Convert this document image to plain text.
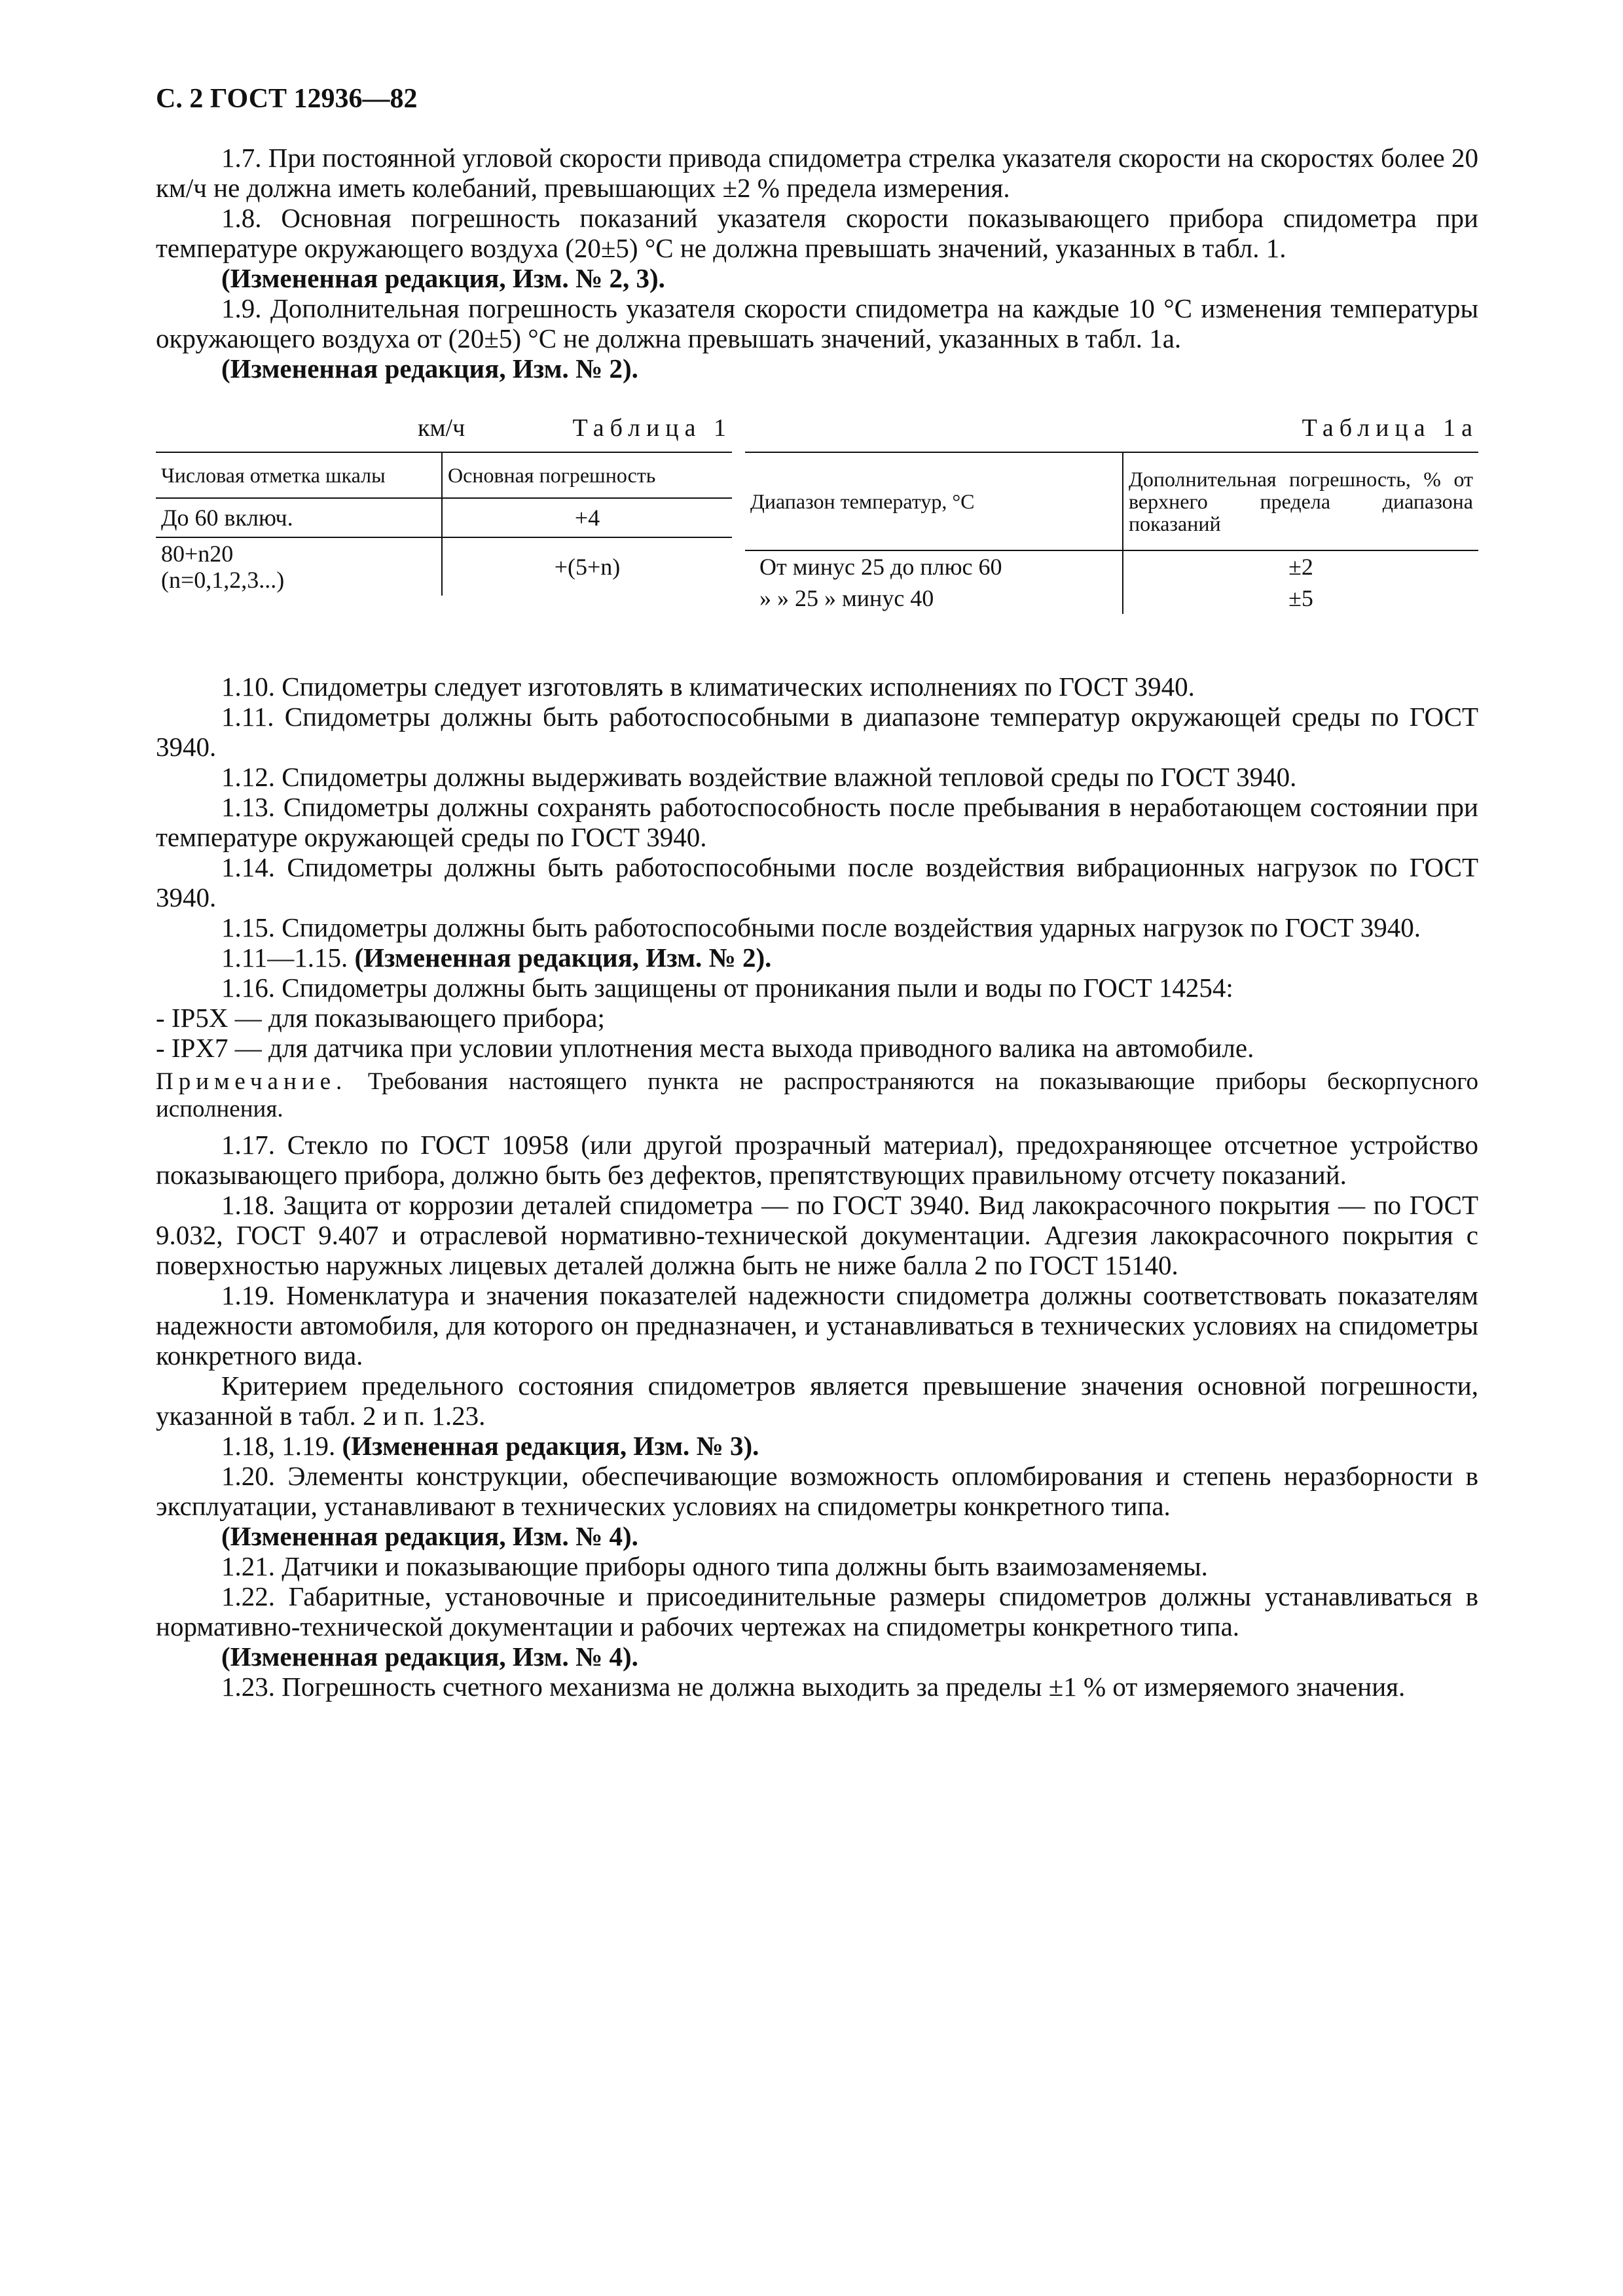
С. 2 ГОСТ 12936—82

1.7. При постоянной угловой скорости привода спидометра стрелка указателя скорости на скоростях более 20 км/ч не должна иметь колебаний, превышающих ±2 % предела измерения.

1.8. Основная погрешность показаний указателя скорости показывающего прибора спидометра при температуре окружающего воздуха (20±5) °С не должна превышать значений, указанных в табл. 1.

(Измененная редакция, Изм. № 2, 3).

1.9. Дополнительная погрешность указателя скорости спидометра на каждые 10 °С изменения температуры окружающего воздуха от (20±5) °С не должна превышать значений, указанных в табл. 1а.

(Измененная редакция, Изм. № 2).

км/ч	Таблица 1
Числовая отметка шкалы	Основная погрешность
До 60 включ.	+4

80+n20
(n=0,1,2,3...)	+(5+n)
Таблица 1а
Диапазон температур, °С	Дополнительная погрешность, % от верхнего предела диапазона показаний
От минус 25 до плюс 60	±2
» » 25 » минус 40	±5

1.10. Спидометры следует изготовлять в климатических исполнениях по ГОСТ 3940.

1.11. Спидометры должны быть работоспособными в диапазоне температур окружающей среды по ГОСТ 3940.

1.12. Спидометры должны выдерживать воздействие влажной тепловой среды по ГОСТ 3940.

1.13. Спидометры должны сохранять работоспособность после пребывания в неработающем состоянии при температуре окружающей среды по ГОСТ 3940.

1.14. Спидометры должны быть работоспособными после воздействия вибрационных нагрузок по ГОСТ 3940.

1.15. Спидометры должны быть работоспособными после воздействия ударных нагрузок по ГОСТ 3940.

1.11—1.15. (Измененная редакция, Изм. № 2).

1.16. Спидометры должны быть защищены от проникания пыли и воды по ГОСТ 14254:

- IP5X — для показывающего прибора;

- IPX7 — для датчика при условии уплотнения места выхода приводного валика на автомобиле.

Примечание. Требования настоящего пункта не распространяются на показывающие приборы бескорпусного исполнения.

1.17. Стекло по ГОСТ 10958 (или другой прозрачный материал), предохраняющее отсчетное устройство показывающего прибора, должно быть без дефектов, препятствующих правильному отсчету показаний.

1.18. Защита от коррозии деталей спидометра — по ГОСТ 3940. Вид лакокрасочного покрытия — по ГОСТ 9.032, ГОСТ 9.407 и отраслевой нормативно-технической документации. Адгезия лакокрасочного покрытия с поверхностью наружных лицевых деталей должна быть не ниже балла 2 по ГОСТ 15140.

1.19. Номенклатура и значения показателей надежности спидометра должны соответствовать показателям надежности автомобиля, для которого он предназначен, и устанавливаться в технических условиях на спидометры конкретного вида.

Критерием предельного состояния спидометров является превышение значения основной погрешности, указанной в табл. 2 и п. 1.23.

1.18, 1.19. (Измененная редакция, Изм. № 3).

1.20. Элементы конструкции, обеспечивающие возможность опломбирования и степень неразборности в эксплуатации, устанавливают в технических условиях на спидометры конкретного типа.

(Измененная редакция, Изм. № 4).

1.21. Датчики и показывающие приборы одного типа должны быть взаимозаменяемы.

1.22. Габаритные, установочные и присоединительные размеры спидометров должны устанавливаться в нормативно-технической документации и рабочих чертежах на спидометры конкретного типа.

(Измененная редакция, Изм. № 4).

1.23. Погрешность счетного механизма не должна выходить за пределы ±1 % от измеряемого значения.
